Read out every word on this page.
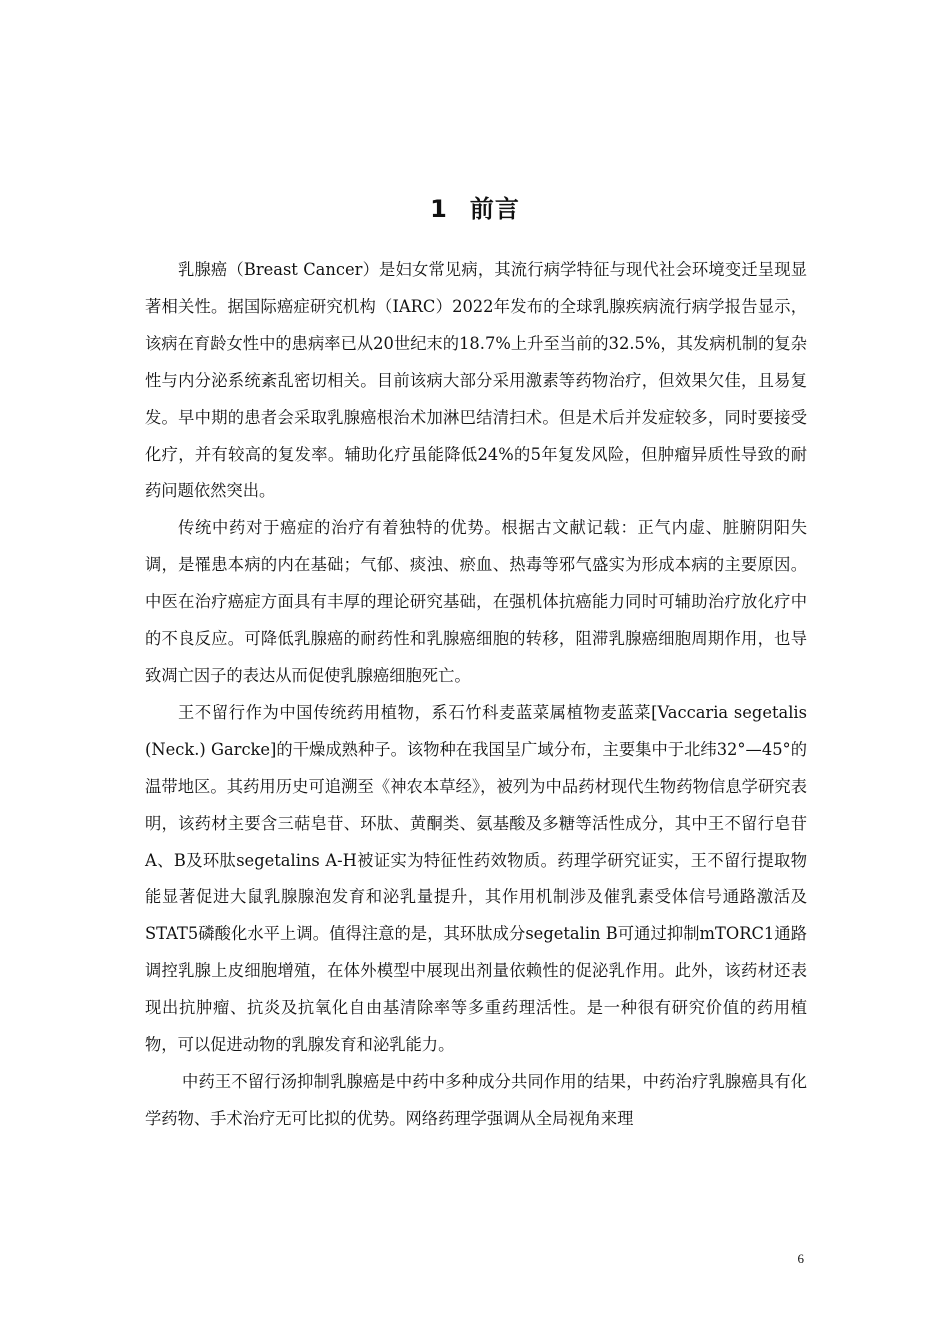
1 前言

乳腺癌（Breast Cancer）是妇女常见病，其流行病学特征与现代社会环境变迁呈现显著相关性。据国际癌症研究机构（IARC）2022年发布的全球乳腺疾病流行病学报告显示，该病在育龄女性中的患病率已从20世纪末的18.7%上升至当前的32.5%，其发病机制的复杂性与内分泌系统紊乱密切相关。目前该病大部分采用激素等药物治疗，但效果欠佳，且易复发。早中期的患者会采取乳腺癌根治术加淋巴结清扫术。但是术后并发症较多，同时要接受化疗，并有较高的复发率。辅助化疗虽能降低24%的5年复发风险，但肿瘤异质性导致的耐药问题依然突出。

传统中药对于癌症的治疗有着独特的优势。根据古文献记载：正气内虚、脏腑阴阳失调，是罹患本病的内在基础；气郁、痰浊、瘀血、热毒等邪气盛实为形成本病的主要原因。中医在治疗癌症方面具有丰厚的理论研究基础，在强机体抗癌能力同时可辅助治疗放化疗中的不良反应。可降低乳腺癌的耐药性和乳腺癌细胞的转移，阻滞乳腺癌细胞周期作用，也导致凋亡因子的表达从而促使乳腺癌细胞死亡。

王不留行作为中国传统药用植物，系石竹科麦蓝菜属植物麦蓝菜[Vaccaria segetalis (Neck.) Garcke]的干燥成熟种子。该物种在我国呈广域分布，主要集中于北纬32°—45°的温带地区。其药用历史可追溯至《神农本草经》，被列为中品药材现代生物药物信息学研究表明，该药材主要含三萜皂苷、环肽、黄酮类、氨基酸及多糖等活性成分，其中王不留行皂苷A、B及环肽segetalins A-H被证实为特征性药效物质。药理学研究证实，王不留行提取物能显著促进大鼠乳腺腺泡发育和泌乳量提升，其作用机制涉及催乳素受体信号通路激活及STAT5磷酸化水平上调。值得注意的是，其环肽成分segetalin B可通过抑制mTORC1通路调控乳腺上皮细胞增殖，在体外模型中展现出剂量依赖性的促泌乳作用。此外，该药材还表现出抗肿瘤、抗炎及抗氧化自由基清除率等多重药理活性。是一种很有研究价值的药用植物，可以促进动物的乳腺发育和泌乳能力。

中药王不留行汤抑制乳腺癌是中药中多种成分共同作用的结果，中药治疗乳腺癌具有化学药物、手术治疗无可比拟的优势。网络药理学强调从全局视角来理

6
